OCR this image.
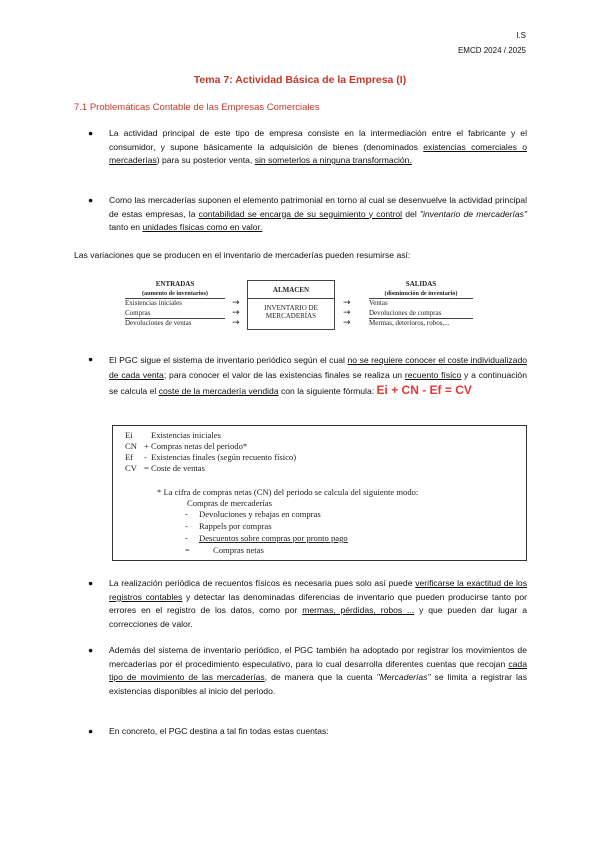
I.S
EMCD 2024 / 2025
Tema 7: Actividad Básica de la Empresa (I)
7.1 Problemáticas Contable de las Empresas Comerciales
● La actividad principal de este tipo de empresa consiste en la intermediación entre el fabricante y el consumidor, y supone básicamente la adquisición de bienes (denominados existencias comerciales o mercaderías) para su posterior venta, sin someterlos a ninguna transformación.
● Como las mercaderías suponen el elemento patrimonial en torno al cual se desenvuelve la actividad principal de estas empresas, la contabilidad se encarga de su seguimiento y control del "inventario de mercaderías" tanto en unidades físicas como en valor.
Las variaciones que se producen en el inventario de mercaderías pueden resumirse así:
ENTRADAS
(aumento de inventarios)
Existencias iniciales
Compras
Devoluciones de ventas
→
→
→
ALMACEN
INVENTARIO DE MERCADERÍAS
→
→
→
SALIDAS
(disminución de inventario)
Ventas
Devoluciones de compras
Mermas, deterioros, robos,...
● El PGC sigue el sistema de inventario periódico según el cual no se requiere conocer el coste individualizado de cada venta; para conocer el valor de las existencias finales se realiza un recuento físico y a continuación se calcula el coste de la mercadería vendida con la siguiente fórmula: Ei + CN - Ef = CV
Ei Existencias iniciales
CN + Compras netas del periodo*
Ef - Existencias finales (según recuento físico)
CV = Coste de ventas
* La cifra de compras netas (CN) del periodo se calcula del siguiente modo:
Compras de mercaderías
- Devoluciones y rebajas en compras
- Rappels por compras
- Descuentos sobre compras por pronto pago
=	Compras netas
● La realización periódica de recuentos físicos es necesaria pues solo así puede verificarse la exactitud de los registros contables y detectar las denominadas diferencias de inventario que pueden producirse tanto por errores en el registro de los datos, como por mermas, pérdidas, robos ... y que pueden dar lugar a correcciones de valor.
● Además del sistema de inventario periódico, el PGC también ha adoptado por registrar los movimientos de mercaderías por el procedimiento especulativo, para lo cual desarrolla diferentes cuentas que recojan cada tipo de movimiento de las mercaderías, de manera que la cuenta "Mercaderías" se limita a registrar las existencias disponibles al inicio del periodo.
● En concreto, el PGC destina a tal fin todas estas cuentas:
